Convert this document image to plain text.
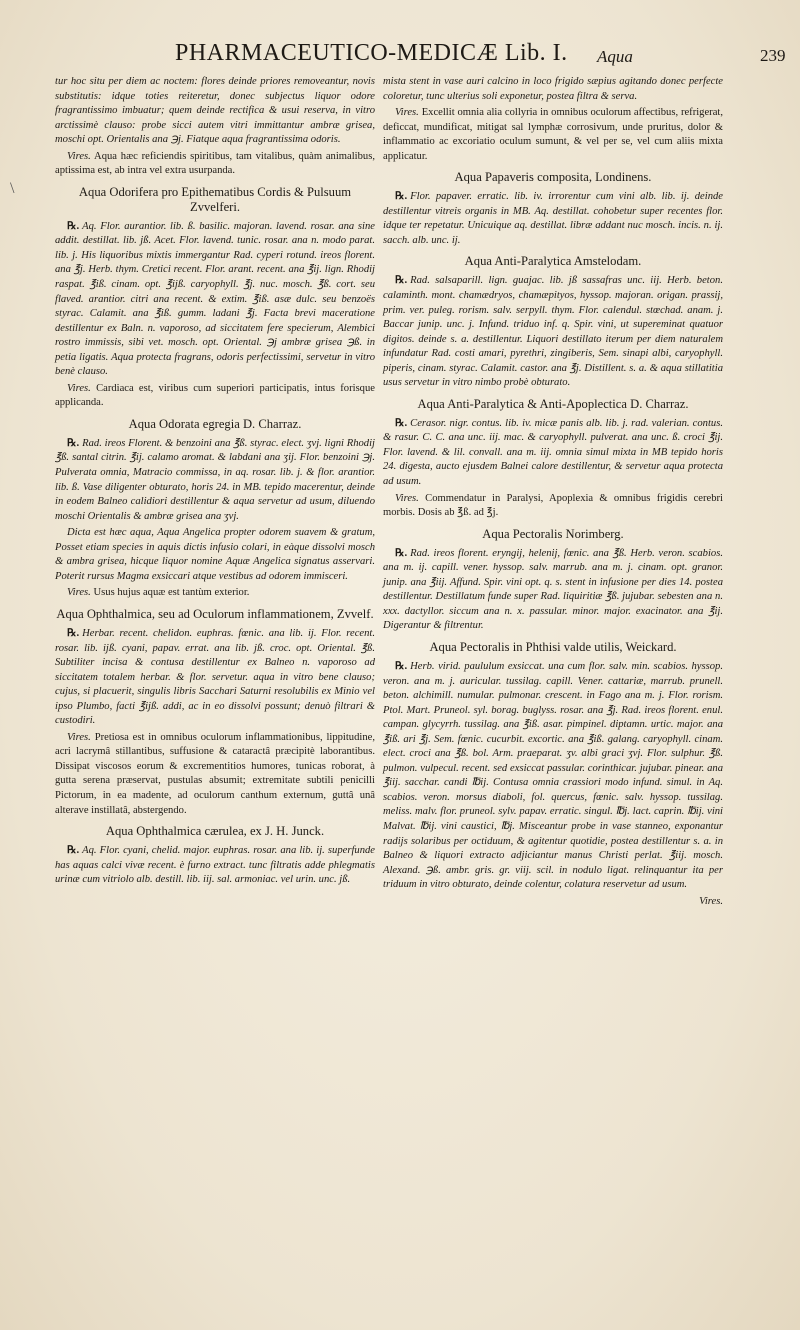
PHARMACEUTICO-MEDICÆ Lib. I.	Aqua	239
\

tur hoc situ per diem ac noctem: flores deinde priores removeantur, novis substitutis: idque toties reiteretur, donec subjectus liquor odore fragrantissimo imbuatur; quem deinde rectifica & usui reserva, in vitro arctissimè clauso: probe sicci autem vitri immittantur ambræ grisea, moschi opt. Orientalis ana ℈j. Fiatque aqua fragrantissima odoris.

Vires. Aqua hæc reficiendis spiritibus, tam vitalibus, quàm animalibus, aptissima est, ab intra vel extra usurpanda.

Aqua Odorifera pro Epithematibus Cordis & Pulsuum Zvvelferi.

℞. Aq. Flor. aurantior. lib. ß. basilic. majoran. lavend. rosar. ana sine addit. destillat. lib. jß. Acet. Flor. lavend. tunic. rosar. ana n. modo parat. lib. j. His liquoribus mixtis immergantur Rad. cyperi rotund. ireos florent. ana ℥j. Herb. thym. Cretici recent. Flor. arant. recent. ana ℥ij. lign. Rhodij raspat. ℥iß. cinam. opt. ℥ijß. caryophyll. ℥j. nuc. mosch. ℥ß. cort. seu flaved. arantior. citri ana recent. & extim. ℥iß. asæ dulc. seu benzoës styrac. Calamit. ana ℥iß. gumm. ladani ℥j. Facta brevi maceratione destillentur ex Baln. n. vaporoso, ad siccitatem fere specierum, Alembici rostro immissis, sibi vet. mosch. opt. Oriental. ℈j ambræ grisea ℈ß. in petia ligatis. Aqua protecta fragrans, odoris perfectissimi, servetur in vitro benè clauso.

Vires. Cardiaca est, viribus cum superiori participatis, intus forisque applicanda.

Aqua Odorata egregia D. Charraz.

℞. Rad. ireos Florent. & benzoini ana ℥ß. styrac. elect. ʒvj. ligni Rhodij ℥ß. santal citrin. ℥ij. calamo aromat. & labdani ana ʒij. Flor. benzoini ℈j. Pulverata omnia, Matracio commissa, in aq. rosar. lib. j. & flor. arantior. lib. ß. Vase diligenter obturato, horis 24. in MB. tepido macerentur, deinde in eodem Balneo calidiori destillentur & aqua servetur ad usum, diluendo moschi Orientalis & ambræ grisea ana ʒvj.

Dicta est hæc aqua, Aqua Angelica propter odorem suavem & gratum, Posset etiam species in aquis dictis infusio colari, in eàque dissolvi mosch & ambra grisea, hicque liquor nomine Aquæ Angelica signatus asservari. Poterit rursus Magma exsiccari atque vestibus ad odorem immisceri.

Vires. Usus hujus aquæ est tantùm exterior.

Aqua Ophthalmica, seu ad Oculorum inflammationem, Zvvelf.

℞. Herbar. recent. chelidon. euphras. fœnic. ana lib. ij. Flor. recent. rosar. lib. ijß. cyani, papav. errat. ana lib. jß. croc. opt. Oriental. ℥ß. Subtiliter incisa & contusa destillentur ex Balneo n. vaporoso ad siccitatem totalem herbar. & flor. servetur. aqua in vitro bene clauso; cujus, si placuerit, singulis libris Sacchari Saturni resolubilis ex Minio vel ipso Plumbo, facti ℥ijß. addi, ac in eo dissolvi possunt; denuò filtrari & custodiri.

Vires. Pretiosa est in omnibus oculorum inflammationibus, lippitudine, acri lacrymâ stillantibus, suffusione & cataractâ præcipitè laborantibus. Dissipat viscosos eorum & excrementitios humores, tunicas roborat, à gutta serena præservat, pustulas absumit; extremitate subtili penicilli Pictorum, in ea madente, ad oculorum canthum externum, guttâ unâ alterave instillatâ, abstergendo.

Aqua Ophthalmica cærulea, ex J. H. Junck.

℞. Aq. Flor. cyani, chelid. major. euphras. rosar. ana lib. ij. superfunde has aquas calci vivæ recent. è furno extract. tunc filtratis adde phlegmatis urinæ cum vitriolo alb. destill. lib. iij. sal. armoniac. vel urin. unc. jß.

mista stent in vase auri calcino in loco frigido sæpius agitando donec perfecte coloretur, tunc ulterius soli exponetur, postea filtra & serva.

Vires. Excellit omnia alia collyria in omnibus oculorum affectibus, refrigerat, deficcat, mundificat, mitigat sal lymphæ corrosivum, unde pruritus, dolor & inflammatio ac excoriatio oculum sumunt, & vel per se, vel cum aliis mixta applicatur.

Aqua Papaveris composita, Londinens.

℞. Flor. papaver. erratic. lib. iv. irrorentur cum vini alb. lib. ij. deinde destillentur vitreis organis in MB. Aq. destillat. cohobetur super recentes flor. idque ter repetatur. Unicuique aq. destillat. libræ addant nuc mosch. incis. n. ij. sacch. alb. unc. ij.

Aqua Anti-Paralytica Amstelodam.

℞. Rad. salsaparill. lign. guajac. lib. jß sassafras unc. iij. Herb. beton. calaminth. mont. chamædryos, chamæpityos, hyssop. majoran. origan. prassij, prim. ver. puleg. rorism. salv. serpyll. thym. Flor. calendul. stœchad. anam. j. Baccar junip. unc. j. Infund. triduo inf. q. Spir. vini, ut supereminat quatuor digitos. deinde s. a. destillentur. Liquori destillato iterum per diem naturalem infundatur Rad. costi amari, pyrethri, zingiberis, Sem. sinapi albi, caryophyll. piperis, cinam. styrac. Calamit. castor. ana ℥j. Distillent. s. a. & aqua stillatitia usus servetur in vitro nimbo probè obturato.

Aqua Anti-Paralytica & Anti-Apoplectica D. Charraz.

℞. Cerasor. nigr. contus. lib. iv. micæ panis alb. lib. j. rad. valerian. contus. & rasur. C. C. ana unc. iij. mac. & caryophyll. pulverat. ana unc. ß. croci ℥ij. Flor. lavend. & lil. convall. ana m. iij. omnia simul mixta in MB tepido horis 24. digesta, aucto ejusdem Balnei calore destillentur, & servetur aqua protecta ad usum.

Vires. Commendatur in Paralysi, Apoplexia & omnibus frigidis cerebri morbis. Dosis ab ℥ß. ad ℥j.

Aqua Pectoralis Norimberg.

℞. Rad. ireos florent. eryngij, helenij, fœnic. ana ℥ß. Herb. veron. scabios. ana m. ij. capill. vener. hyssop. salv. marrub. ana m. j. cinam. opt. granor. junip. ana ℥iij. Affund. Spir. vini opt. q. s. stent in infusione per dies 14. postea destillentur. Destillatum funde super Rad. liquiritiæ ℥ß. jujubar. sebesten ana n. xxx. dactyllor. siccum ana n. x. passular. minor. major. exacinator. ana ℥ij. Digerantur & filtrentur.

Aqua Pectoralis in Phthisi valde utilis, Weickard.

℞. Herb. virid. paululum exsiccat. una cum flor. salv. min. scabios. hyssop. veron. ana m. j. auricular. tussilag. capill. Vener. cattariæ, marrub. prunell. beton. alchimill. numular. pulmonar. crescent. in Fago ana m. j. Flor. rorism. Ptol. Mart. Pruneol. syl. borag. buglyss. rosar. ana ℥j. Rad. ireos florent. enul. campan. glycyrrh. tussilag. ana ℥iß. asar. pimpinel. diptamn. urtic. major. ana ℥iß. ari ℥j. Sem. fœnic. cucurbit. excortic. ana ℥iß. galang. caryophyll. cinam. elect. croci ana ℥ß. bol. Arm. praeparat. ʒv. albi graci ʒvj. Flor. sulphur. ℥ß. pulmon. vulpecul. recent. sed exsiccat passular. corinthicar. jujubar. pinear. ana ℥iij. sacchar. candi ℔ij. Contusa omnia crassiori modo infund. simul. in Aq. scabios. veron. morsus diaboli, fol. quercus, fœnic. salv. hyssop. tussilag. meliss. malv. flor. pruneol. sylv. papav. erratic. singul. ℔j. lact. caprin. ℔ij. vini Malvat. ℔ij. vini caustici, ℔j. Misceantur probe in vase stanneo, exponantur radijs solaribus per octiduum, & agitentur quotidie, postea destillentur s. a. in Balneo & liquori extracto adjiciantur manus Christi perlat. ℥iij. mosch. Alexand. ℈ß. ambr. gris. gr. viij. scil. in nodulo ligat. relinquantur ita per triduum in vitro obturato, deinde colentur, colatura reservetur ad usum.

Vires.
